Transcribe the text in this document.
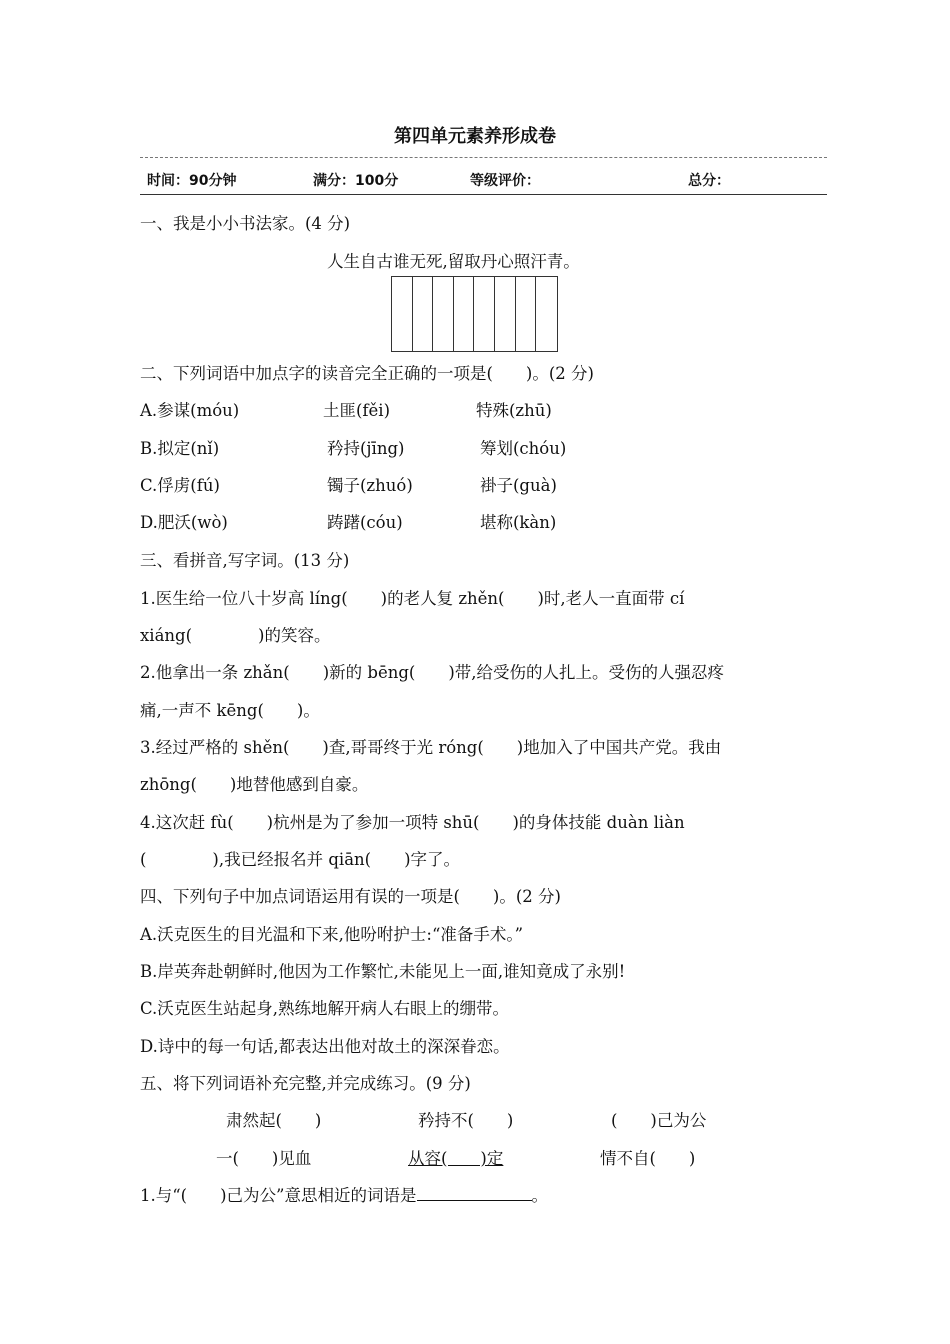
第四单元素养形成卷
时间：90分钟	满分：100分	等级评价：	总分：
一、我是小小书法家。(4 分)
人生自古谁无死,留取丹心照汗青。
二、下列词语中加点字的读音完全正确的一项是(　　)。(2 分)
A.参谋(móu)	土匪(fěi)	特殊(zhū)
B.拟定(nǐ)	矜持(jīng)	筹划(chóu)
C.俘虏(fú)	镯子(zhuó)	褂子(guà)
D.肥沃(wò)	踌躇(cóu)	堪称(kàn)
三、看拼音,写字词。(13 分)
1.医生给一位八十岁高 líng(　　)的老人复 zhěn(　　)时,老人一直面带 cí
xiáng(　　　　)的笑容。
2.他拿出一条 zhǎn(　　)新的 bēng(　　)带,给受伤的人扎上。受伤的人强忍疼
痛,一声不 kēng(　　)。
3.经过严格的 shěn(　　)查,哥哥终于光 róng(　　)地加入了中国共产党。我由
zhōng(　　)地替他感到自豪。
4.这次赶 fù(　　)杭州是为了参加一项特 shū(　　)的身体技能 duàn liàn
(　　　　),我已经报名并 qiān(　　)字了。
四、下列句子中加点词语运用有误的一项是(　　)。(2 分)
A.沃克医生的目光温和下来,他吩咐护士:“准备手术。”
B.岸英奔赴朝鲜时,他因为工作繁忙,未能见上一面,谁知竟成了永别!
C.沃克医生站起身,熟练地解开病人右眼上的绷带。
D.诗中的每一句话,都表达出他对故土的深深眷恋。
五、将下列词语补充完整,并完成练习。(9 分)
肃然起(　　)	矜持不(　　)	(　　)己为公
一(　　)见血	从容(　　)定	情不自(　　)
1.与“(　　)己为公”意思相近的词语是	。
